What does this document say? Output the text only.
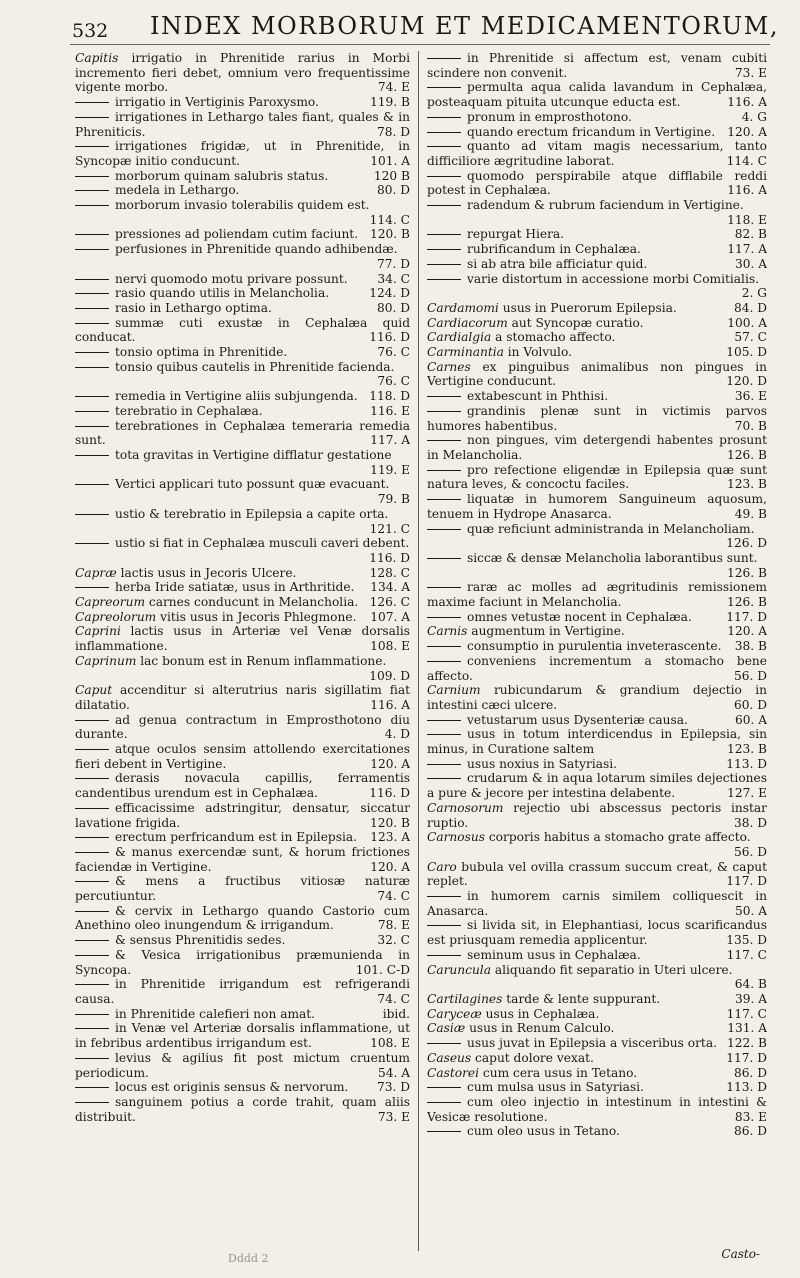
532 INDEX MORBORUM ET MEDICAMENTORUM,

Capitis irrigatio in Phrenitide rarius in Morbi incremento fieri debet, omnium vero frequentissime vigente morbo.	74. E

irrigatio in Vertiginis Paroxysmo.	119. B

irrigationes in Lethargo tales fiant, quales & in Phreniticis.	78. D

irrigationes frigidæ, ut in Phrenitide, in Syncopæ initio conducunt.	101. A

morborum quinam salubris status.	120 B

medela in Lethargo.	80. D

morborum invasio tolerabilis quidem est.
114. C

pressiones ad poliendam cutim faciunt. 120. B

perfusiones in Phrenitide quando adhibendæ.
77. D

nervi quomodo motu privare possunt.	34. C

rasio quando utilis in Melancholia.	124. D

rasio in Lethargo optima.	80. D

summæ cuti exustæ in Cephalæa quid conducat.	116. D

tonsio optima in Phrenitide.	76. C

tonsio quibus cautelis in Phrenitide facienda.
76. C

remedia in Vertigine aliis subjungenda. 118. D

terebratio in Cephalæa.	116. E

terebrationes in Cephalæa temeraria remedia sunt.	117. A

tota gravitas in Vertigine difflatur gestatione
119. E

Vertici applicari tuto possunt quæ evacuant.
79. B

ustio & terebratio in Epilepsia a capite orta.
121. C

ustio si fiat in Cephalæa musculi caveri debent.
116. D

Capræ lactis usus in Jecoris Ulcere.	128. C

herba Iride satiatæ, usus in Arthritide.	134. A

Capreorum carnes conducunt in Melancholia. 126. C

Capreolorum vitis usus in Jecoris Phlegmone.	107. A

Caprini lactis usus in Arteriæ vel Venæ dorsalis inflammatione.	108. E

Caprinum lac bonum est in Renum inflammatione.
109. D

Caput accenditur si alterutrius naris sigillatim fiat dilatatio.	116. A

ad genua contractum in Emprosthotono diu durante.	4. D

atque oculos sensim attollendo exercitationes fieri debent in Vertigine.	120. A

derasis novacula capillis, ferramentis candentibus urendum est in Cephalæa.	116. D

efficacissime adstringitur, densatur, siccatur lavatione frigida.	120. B

erectum perfricandum est in Epilepsia.	123. A

& manus exercendæ sunt, & horum frictiones faciendæ in Vertigine.	120. A

& mens a fructibus vitiosæ naturæ percutiuntur.	74. C

& cervix in Lethargo quando Castorio cum Anethino oleo inungendum & irrigandum.	78. E

& sensus Phrenitidis sedes.	32. C

& Vesica irrigationibus præmunienda in Syncopa.	101. C-D

in Phrenitide irrigandum est refrigerandi causa.	74. C

in Phrenitide calefieri non amat.	ibid.

in Venæ vel Arteriæ dorsalis inflammatione, ut in febribus ardentibus irrigandum est.	108. E

levius & agilius fit post mictum cruentum periodicum.	54. A

locus est originis sensus & nervorum.	73. D

sanguinem potius a corde trahit, quam aliis distribuit.	73. E

in Phrenitide si affectum est, venam cubiti scindere non convenit.	73. E

permulta aqua calida lavandum in Cephalæa, posteaquam pituita utcunque educta est.	116. A

pronum in emprosthotono.	4. G

quando erectum fricandum in Vertigine. 120. A

quanto ad vitam magis necessarium, tanto difficiliore ægritudine laborat.	114. C

quomodo perspirabile atque difflabile reddi potest in Cephalæa.	116. A

radendum & rubrum faciendum in Vertigine.
118. E

repurgat Hiera.	82. B

rubrificandum in Cephalæa.	117. A

si ab atra bile afficiatur quid.	30. A

varie distortum in accessione morbi Comitialis.
2. G

Cardamomi usus in Puerorum Epilepsia.	84. D

Cardiacorum aut Syncopæ curatio.	100. A

Cardialgia a stomacho affecto.	57. C

Carminantia in Volvulo.	105. D

Carnes ex pinguibus animalibus non pingues in Vertigine conducunt.	120. D

extabescunt in Phthisi.	36. E

grandinis plenæ sunt in victimis parvos humores habentibus.	70. B

non pingues, vim detergendi habentes prosunt in Melancholia.	126. B

pro refectione eligendæ in Epilepsia quæ sunt natura leves, & concoctu faciles.	123. B

liquatæ in humorem Sanguineum aquosum, tenuem in Hydrope Anasarca.	49. B

quæ reficiunt administranda in Melancholiam.
126. D

siccæ & densæ Melancholia laborantibus sunt.
126. B

raræ ac molles ad ægritudinis remissionem maxime faciunt in Melancholia.	126. B

omnes vetustæ nocent in Cephalæa.	117. D

Carnis augmentum in Vertigine.	120. A

consumptio in purulentia inveterascente.	38. B

conveniens incrementum a stomacho bene affecto.	56. D

Carnium rubicundarum & grandium dejectio in intestini cæci ulcere.	60. D

vetustarum usus Dysenteriæ causa.	60. A

usus in totum interdicendus in Epilepsia, sin minus, in Curatione saltem	123. B

usus noxius in Satyriasi.	113. D

crudarum & in aqua lotarum similes dejectiones a pure & jecore per intestina delabente.	127. E

Carnosorum rejectio ubi abscessus pectoris instar ruptio.	38. D

Carnosus corporis habitus a stomacho grate affecto.
56. D

Caro bubula vel ovilla crassum succum creat, & caput replet.	117. D

in humorem carnis similem colliquescit in Anasarca.	50. A

si livida sit, in Elephantiasi, locus scarificandus est priusquam remedia applicentur.	135. D

seminum usus in Cephalæa.	117. C

Caruncula aliquando fit separatio in Uteri ulcere.
64. B

Cartilagines tarde & lente suppurant.	39. A

Caryceæ usus in Cephalæa.	117. C

Casiæ usus in Renum Calculo.	131. A

usus juvat in Epilepsia a visceribus orta. 122. B

Caseus caput dolore vexat.	117. D

Castorei cum cera usus in Tetano.	86. D

cum mulsa usus in Satyriasi.	113. D

cum oleo injectio in intestinum in intestini & Vesicæ resolutione.	83. E

cum oleo usus in Tetano.	86. D

Dddd 2	Casto-
